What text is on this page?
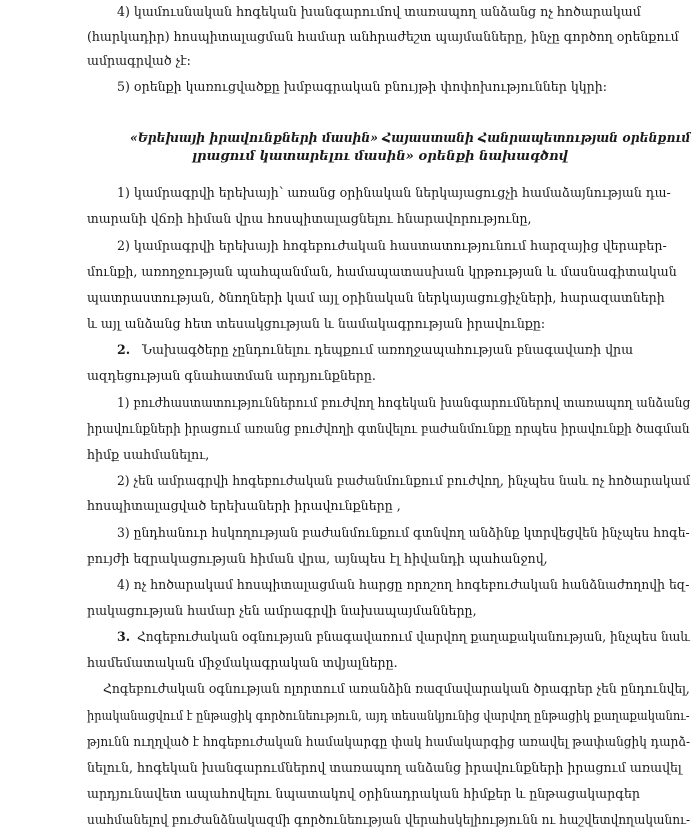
4) կամուսնական հոգեկան խանգարումով տառապող անձանց ոչ հոծարակամ
(հարկադիր) հոսպիտալացման համար անհրաժեշտ պայմանները, ինչը գործող օրենքում
ամրագրված չէ:
5) օրենքի կառուցվածքը խմբագրական բնույթի փոփոխություններ կկրի:
«Երեխայի իրավունքների մասին» Հայաստանի Հանրապետության օրենքում
լրացում կատարելու մասին» օրենքի նախագծով
1) կամրագրվի երեխայի՝ առանց օրինական ներկայացուցչի համաձայնության դա-
տարանի վճռի հիման վրա հոսպիտալացնելու հնարավորությունը,
2) կամրագրվի երեխայի հոգեբուժական հաստատությունում հարզայից վերաբեր-
մունքի, առողջության պահպանման, համապատասխան կրթության և մասնագիտական
պատրաստության, ծնողների կամ այլ օրինական ներկայացուցիչների, հարազատների
և այլ անձանց հետ տեսակցության և նամակագրության իրավունքը:
2. Նախագծերը չընդունելու դեպքում առողջապահության բնագավառի վրա
ազդեցության գնահատման արդյունքները.
1) բուժհաստատություններում բուժվող հոգեկան խանգարումներով տառապող անձանց
իրավունքների իրացում առանց բուժվողի գտնվելու բաժանմունքը որպես իրավունքի ծագման
հիմք սահմանելու,
2) չեն ամրագրվի հոգեբուժական բաժանմունքում բուժվող, ինչպես նաև ոչ հոծարակամ
հոսպիտալացված երեխաների իրավունքները ,
3) ընդհանուր հսկողության բաժանմունքում գտնվող անձինք կտրվեցվեն ինչպես հոգե-
բույժի եզրակացության հիման վրա, այնպես էլ հիվանդի պահանջով,
4) ոչ հոծարակամ հոսպիտալացման հարցը որոշող հոգեբուժական հանձնաժողովի եզ-
րակացության համար չեն ամրագրվի նախապայմանները,
3. Հոգեբուժական օգնության բնագավառում վարվող քաղաքականության, ինչպես նաև
համեմատական միջմակագրական տվյալները.
Հոգեբուժական օգնության ոլորտում առանձին ռազմավարական ծրագրեր չեն ընդունվել,
իրականացվում է ընթացիկ գործունեություն, այդ տեսանկյունից վարվող ընթացիկ քաղաքականու-
թյունն ուղղված է հոգեբուժական համակարգը փակ համակարգից առավել թափանցիկ դարձ-
նելուն, հոգեկան խանգարումներով տառապող անձանց իրավունքների իրացում առավել
արդյունավետ ապահովելու նպատակով օրինադրական հիմքեր և ընթացակարգեր
սահմանելով բուժանձնակազմի գործունեության վերահսկելիությունն ու հաշվետվողականու-
